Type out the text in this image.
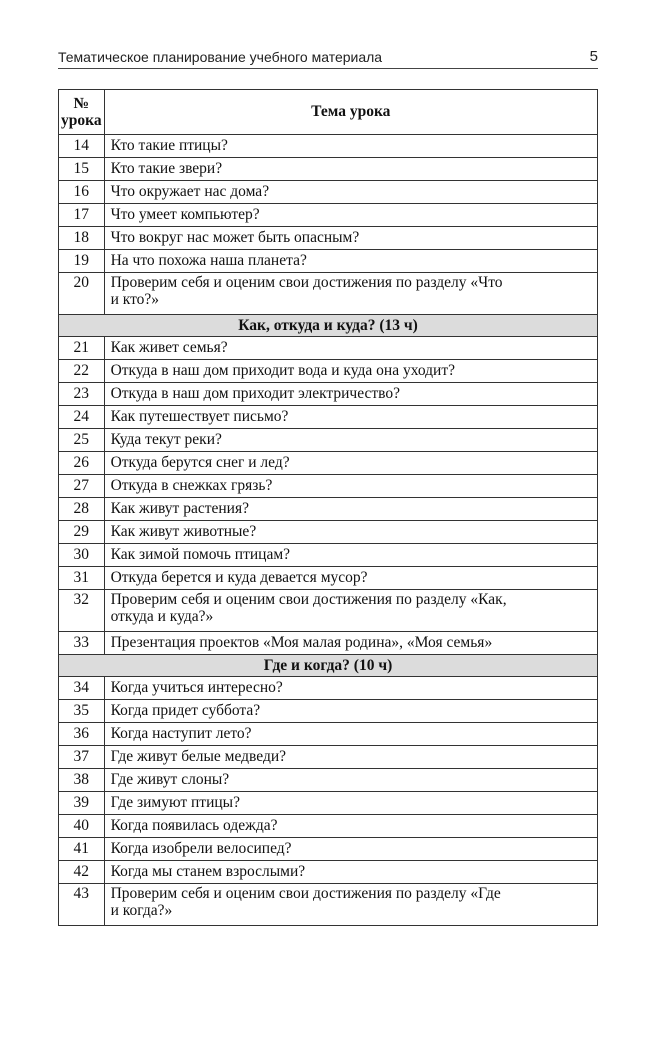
Тематическое планирование учебного материала	5
№
урока	Тема урока
14	Кто такие птицы?
15	Кто такие звери?
16	Что окружает нас дома?
17	Что умеет компьютер?
18	Что вокруг нас может быть опасным?
19	На что похожа наша планета?
20	Проверим себя и оценим свои достижения по разделу «Что
и кто?»
Как, откуда и куда? (13 ч)	
21	Как живет семья?
22	Откуда в наш дом приходит вода и куда она уходит?
23	Откуда в наш дом приходит электричество?
24	Как путешествует письмо?
25	Куда текут реки?
26	Откуда берутся снег и лед?
27	Откуда в снежках грязь?
28	Как живут растения?
29	Как живут животные?
30	Как зимой помочь птицам?
31	Откуда берется и куда девается мусор?
32	Проверим себя и оценим свои достижения по разделу «Как,
откуда и куда?»
33	Презентация проектов «Моя малая родина», «Моя семья»
Где и когда? (10 ч)	
34	Когда учиться интересно?
35	Когда придет суббота?
36	Когда наступит лето?
37	Где живут белые медведи?
38	Где живут слоны?
39	Где зимуют птицы?
40	Когда появилась одежда?
41	Когда изобрели велосипед?
42	Когда мы станем взрослыми?
43	Проверим себя и оценим свои достижения по разделу «Где
и когда?»
